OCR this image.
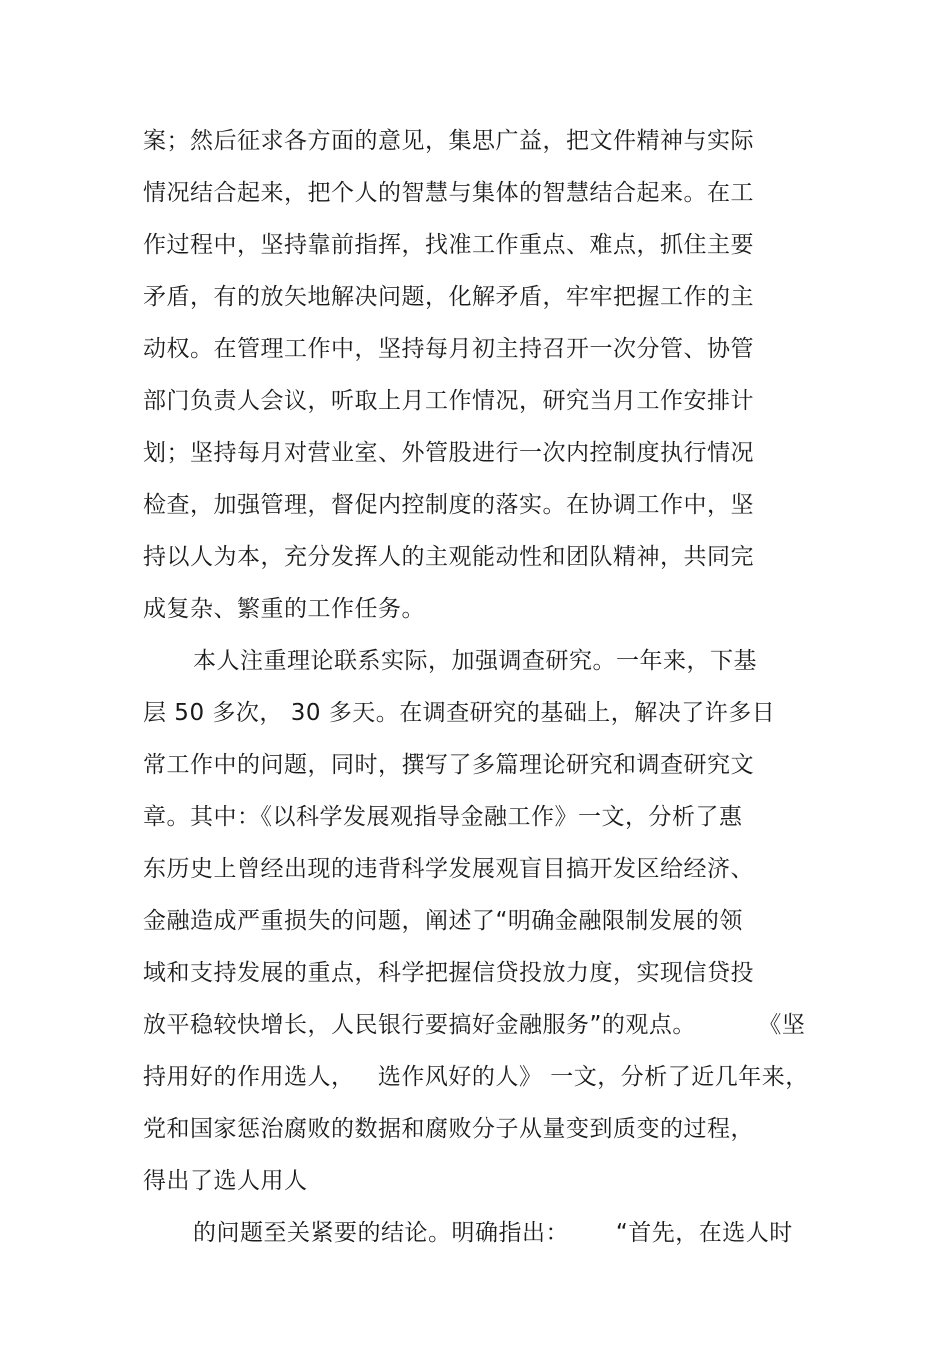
案；然后征求各方面的意见，集思广益，把文件精神与实际
情况结合起来，把个人的智慧与集体的智慧结合起来。在工
作过程中，坚持靠前指挥，找准工作重点、难点，抓住主要
矛盾，有的放矢地解决问题，化解矛盾，牢牢把握工作的主
动权。在管理工作中，坚持每月初主持召开一次分管、协管
部门负责人会议，听取上月工作情况，研究当月工作安排计
划；坚持每月对营业室、外管股进行一次内控制度执行情况
检查，加强管理，督促内控制度的落实。在协调工作中，坚
持以人为本，充分发挥人的主观能动性和团队精神，共同完
成复杂、繁重的工作任务。
本人注重理论联系实际，加强调查研究。一年来，下基
层 50 多次， 30 多天。在调查研究的基础上，解决了许多日
常工作中的问题，同时，撰写了多篇理论研究和调查研究文
章。其中：《以科学发展观指导金融工作》一文，分析了惠
东历史上曾经出现的违背科学发展观盲目搞开发区给经济、
金融造成严重损失的问题，阐述了“明确金融限制发展的领
域和支持发展的重点，科学把握信贷投放力度，实现信贷投
放平稳较快增长，人民银行要搞好金融服务”的观点。        《坚
持用好的作用选人，   选作风好的人》 一文，分析了近几年来，
党和国家惩治腐败的数据和腐败分子从量变到质变的过程，
得出了选人用人
的问题至关紧要的结论。明确指出：      “首先，在选人时
